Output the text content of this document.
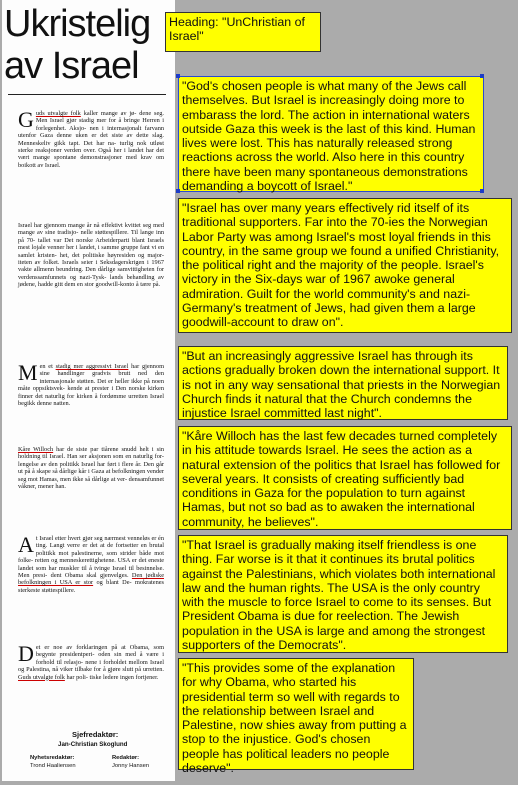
Ukristelig
av Israel

Guds utvalgte folk kaller mange av jø- dene seg. Men Israel gjør stadig mer for å bringe Herren i forlegenhet. Aksjo- nen i internasjonalt farvann utenfor Gaza denne uken er det siste av dette slag. Menneskeliv gikk tapt. Det har na- turlig nok utløst sterke reaksjoner verden over. Også her i landet har det vært mange spontane demonstrasjoner med krav om boikott av Israel.

Israel har gjennom mange år nå effektivt kvittet seg med mange av sine tradisjo- nelle støttespillere. Til lange inn på 70- tallet var Det norske Arbeiderparti blant Israels mest lojale venner her i landet, i samme gruppe fant vi en samlet kristen- het, det politiske høyresiden og major- iteten av folket. Israels seier i Seksdagerskrigen i 1967 vakte allmenn beundring. Den dårlige samvittigheten for verdenssamfunnets og nazi-Tysk- lands behandling av jødene, hadde gitt dem en stor goodwill-konto å tære på.

Men et stadig mer aggressivt Israel har gjennom sine handlinger gradvis brutt ned den internasjonale støtten. Det er heller ikke på noen måte oppsiktsvek- kende at prester i Den norske kirken finner det naturlig for kirken å fordømme urretten Israel begikk denne natten.

Kåre Willoch har de siste par tiårene snudd helt i sin holdning til Israel. Han ser aksjonen som en naturlig for- lengelse av den politikk Israel har ført i flere år. Den går ut på å skape så dårlige kår i Gaza at befolkningen vender seg mot Hamas, men ikke så dårlige at ver- densamfunnet våkner, mener han.

At Israel etter hvert gjør seg nærmest venneløs er én ting. Langt verre er det at de fortsetter en brutal politikk mot palestinerne, som strider både mot folke- retten og menneskerettighetene. USA er det eneste landet som har muskler til å tvinge Israel til besinnelse. Men presi- dent Obama skal gjenvelges. Den jødiske befolkningen i USA er stor og blant De- mokratenes sterkeste støttespillere.

Det er noe av forklaringen på at Obama, som begynte presidentperi- oden sin med å være i forhold til relasjo- nene i forholdet mellom Israel og Palestina, nå viker tilbake for å gjøre slutt på urretten. Guds utvalgte folk har poli- tiske ledere ingen fortjener.

Sjefredaktør:
Jan-Christian Skoglund
Nyhetsredaktør:
Trond Haaliensen
Redaktør:
Jonny Hansen
Heading: "UnChristian of Israel"
"God's chosen people is what many of the Jews call themselves. But Israel is increasingly doing more to embarass the lord. The action in international waters outside Gaza this week is the last of this kind. Human lives were lost. This has naturally released strong reactions across the world. Also here in this country there have been many spontaneous demonstrations demanding a boycott of Israel."
"Israel has over many years effectively rid itself of its traditional supporters. Far into the 70-ies the Norwegian Labor Party was among Israel's most loyal friends in this country, in the same group we found a unified Christianity, the political right and the majority of the people. Israel's victory in the Six-days war of 1967 awoke general admiration. Guilt for the world community's and nazi-Germany's treatment of Jews, had given them a large goodwill-account to draw on".
"But an increasingly aggressive Israel has through its actions gradually broken down the international support. It is not in any way sensational that priests in the Norwegian Church finds it natural that the Church condemns the injustice Israel committed last night".
"Kåre Willoch has the last few decades turned completely in his attitude towards Israel. He sees the action as a natural extension of the politics that Israel has followed for several years. It consists of creating sufficiently bad conditions in Gaza for the population to turn against Hamas, but not so bad as to awaken the international community, he believes".
"That Israel is gradually making itself friendless is one thing. Far worse is it that it continues its brutal politics against the Palestinians, which violates both international law and the human rights. The USA is the only country with the muscle to force Israel to come to its senses. But President Obama is due for reelection. The Jewish population in the USA is large and among the strongest supporters of the Democrats".
"This provides some of the explanation for why Obama, who started his presidential term so well with regards to the relationship between Israel and Palestine, now shies away from putting a stop to the injustice. God's chosen people has political leaders no people deserve".
